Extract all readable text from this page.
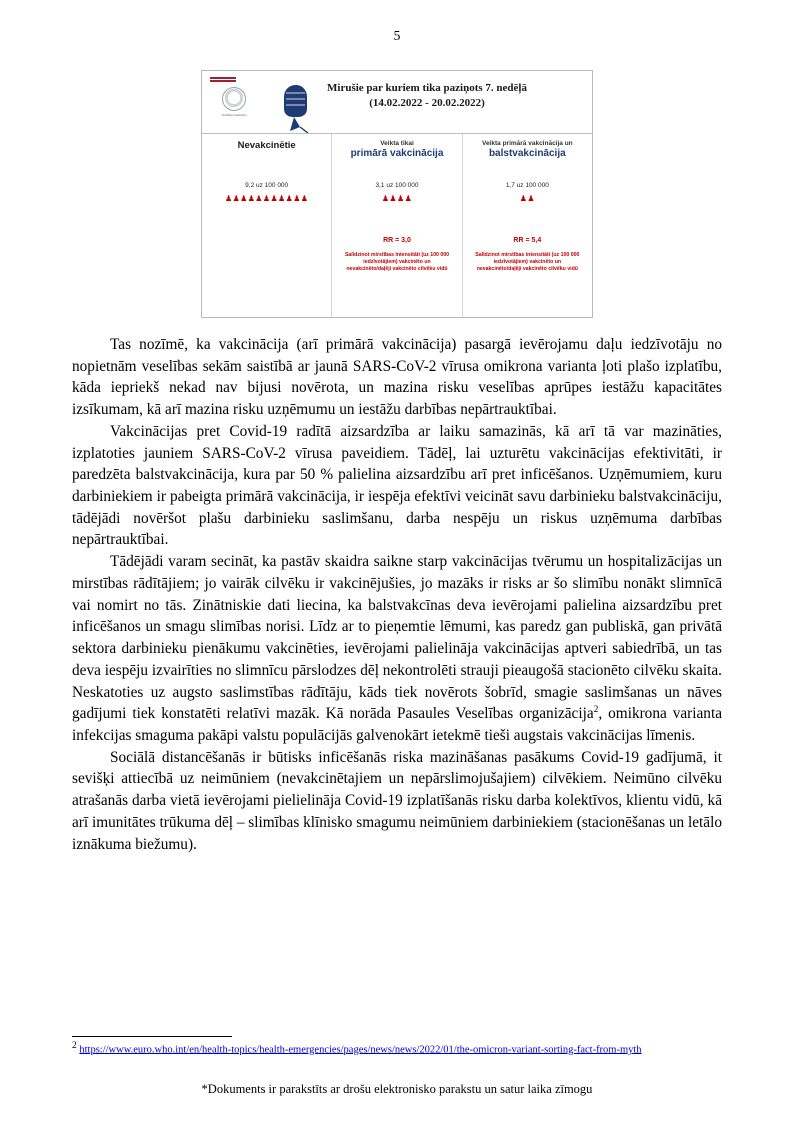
5
Veselības ministrija
Mirušie par kuriem tika paziņots 7. nedēļā
(14.02.2022 - 20.02.2022)
Nevakcinētie
9,2 uz 100 000
♟♟♟♟♟♟♟♟♟♟♟
Veikta tikai
primārā vakcinācija
3,1 uz 100 000
♟♟♟♟
RR = 3,0
Salīdzinot mirstības intensitāti (uz 100 000 iedzīvotājiem) vakcinēto un nevakcinēto/daļēji vakcinēto cilvēku vidū
Veikta primārā vakcinācija un
balstvakcinācija
1,7 uz 100 000
♟♟
RR = 5,4
Salīdzinot mirstības intensitāti (uz 100 000 iedzīvotājiem) vakcinēto un nevakcinēto/daļēji vakcinēto cilvēku vidū

Tas nozīmē, ka vakcinācija (arī primārā vakcinācija) pasargā ievērojamu daļu iedzīvotāju no nopietnām veselības sekām saistībā ar jaunā SARS-CoV-2 vīrusa omikrona varianta ļoti plašo izplatību, kāda iepriekš nekad nav bijusi novērota, un mazina risku veselības aprūpes iestāžu kapacitātes izsīkumam, kā arī mazina risku uzņēmumu un iestāžu darbības nepārtrauktībai.

Vakcinācijas pret Covid-19 radītā aizsardzība ar laiku samazinās, kā arī tā var mazināties, izplatoties jauniem SARS-CoV-2 vīrusa paveidiem. Tādēļ, lai uzturētu vakcinācijas efektivitāti, ir paredzēta balstvakcinācija, kura par 50 % palielina aizsardzību arī pret inficēšanos. Uzņēmumiem, kuru darbiniekiem ir pabeigta primārā vakcinācija, ir iespēja efektīvi veicināt savu darbinieku balstvakcināciju, tādējādi novēršot plašu darbinieku saslimšanu, darba nespēju un riskus uzņēmuma darbības nepārtrauktībai.

Tādējādi varam secināt, ka pastāv skaidra saikne starp vakcinācijas tvērumu un hospitalizācijas un mirstības rādītājiem; jo vairāk cilvēku ir vakcinējušies, jo mazāks ir risks ar šo slimību nonākt slimnīcā vai nomirt no tās. Zinātniskie dati liecina, ka balstvakcīnas deva ievērojami palielina aizsardzību pret inficēšanos un smagu slimības norisi. Līdz ar to pieņemtie lēmumi, kas paredz gan publiskā, gan privātā sektora darbinieku pienākumu vakcinēties, ievērojami palielināja vakcinācijas aptveri sabiedrībā, un tas deva iespēju izvairīties no slimnīcu pārslodzes dēļ nekontrolēti strauji pieaugošā stacionēto cilvēku skaita. Neskatoties uz augsto saslimstības rādītāju, kāds tiek novērots šobrīd, smagie saslimšanas un nāves gadījumi tiek konstatēti relatīvi mazāk. Kā norāda Pasaules Veselības organizācija$^2$, omikrona varianta infekcijas smaguma pakāpi valstu populācijās galvenokārt ietekmē tieši augstais vakcinācijas līmenis.

Sociālā distancēšanās ir būtisks inficēšanās riska mazināšanas pasākums Covid-19 gadījumā, it sevišķi attiecībā uz neimūniem (nevakcinētajiem un nepārslimojušajiem) cilvēkiem. Neimūno cilvēku atrašanās darba vietā ievērojami pielielināja Covid-19 izplatīšanās risku darba kolektīvos, klientu vidū, kā arī imunitātes trūkuma dēļ – slimības klīnisko smagumu neimūniem darbiniekiem (stacionēšanas un letālo iznākuma biežumu).

$^2$ https://www.euro.who.int/en/health-topics/health-emergencies/pages/news/news/2022/01/the-omicron-variant-sorting-fact-from-myth
*Dokuments ir parakstīts ar drošu elektronisko parakstu un satur laika zīmogu
